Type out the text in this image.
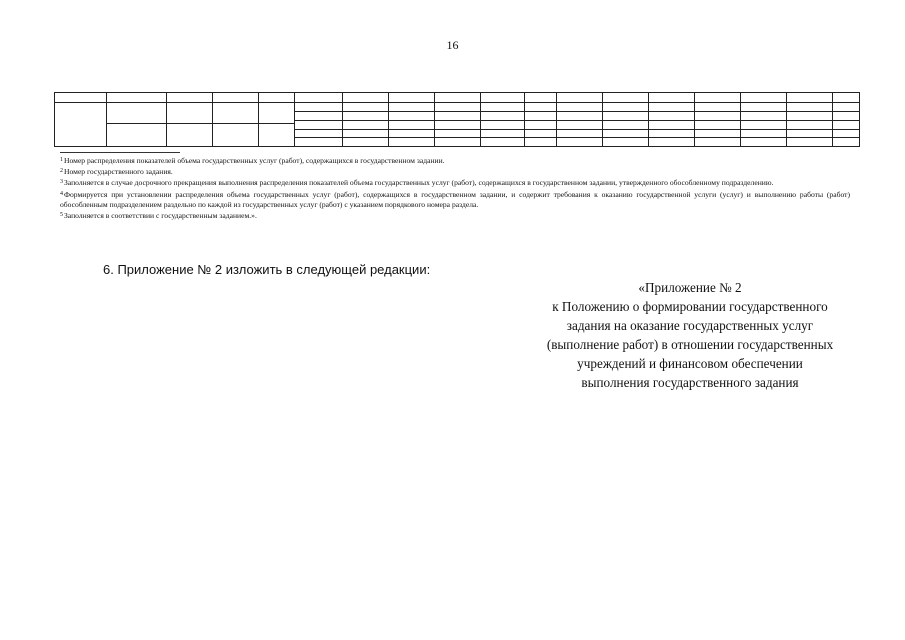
16

$^1$Номер распределения показателей объема государственных услуг (работ), содержащихся в государственном задании.

$^2$Номер государственного задания.

$^3$Заполняется в случае досрочного прекращения выполнения распределения показателей объема государственных услуг (работ), содержащихся в государственном задании, утвержденного обособленному подразделению.

$^4$Формируется при установлении распределения объема государственных услуг (работ), содержащихся в государственном задании, и содержит требования к оказанию государственной услуги (услуг) и выполнению работы (работ) обособленным подразделением раздельно по каждой из государственных услуг (работ) с указанием порядкового номера раздела.

$^5$Заполняется в соответствии с государственным заданием.».

6. Приложение № 2 изложить в следующей редакции:
«Приложение № 2
к Положению о формировании государственного
задания на оказание государственных услуг
(выполнение работ) в отношении государственных
учреждений и финансовом обеспечении
выполнения государственного задания
